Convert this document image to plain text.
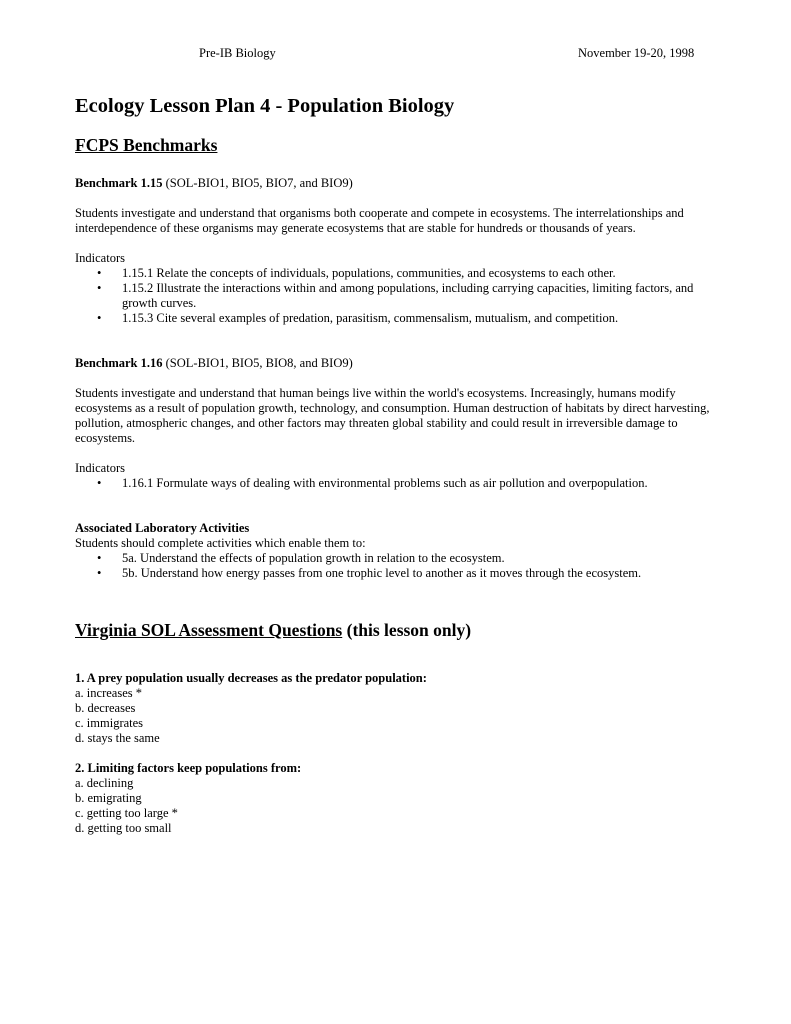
Pre-IB Biology	November 19-20, 1998
Ecology Lesson Plan 4 - Population Biology
FCPS Benchmarks

Benchmark 1.15 (SOL-BIO1, BIO5, BIO7, and BIO9)

Students investigate and understand that organisms both cooperate and compete in ecosystems. The interrelationships and interdependence of these organisms may generate ecosystems that are stable for hundreds or thousands of years.

Indicators

• 1.15.1 Relate the concepts of individuals, populations, communities, and ecosystems to each other.
• 1.15.2 Illustrate the interactions within and among populations, including carrying capacities, limiting factors, and growth curves.
• 1.15.3 Cite several examples of predation, parasitism, commensalism, mutualism, and competition.

Benchmark 1.16 (SOL-BIO1, BIO5, BIO8, and BIO9)

Students investigate and understand that human beings live within the world's ecosystems. Increasingly, humans modify ecosystems as a result of population growth, technology, and consumption. Human destruction of habitats by direct harvesting, pollution, atmospheric changes, and other factors may threaten global stability and could result in irreversible damage to ecosystems.

Indicators

• 1.16.1 Formulate ways of dealing with environmental problems such as air pollution and overpopulation.

Associated Laboratory Activities

Students should complete activities which enable them to:

• 5a. Understand the effects of population growth in relation to the ecosystem.
• 5b. Understand how energy passes from one trophic level to another as it moves through the ecosystem.
Virginia SOL Assessment Questions (this lesson only)

1. A prey population usually decreases as the predator population:

a. increases *
b. decreases
c. immigrates
d. stays the same

2. Limiting factors keep populations from:

a. declining
b. emigrating
c. getting too large *
d. getting too small
